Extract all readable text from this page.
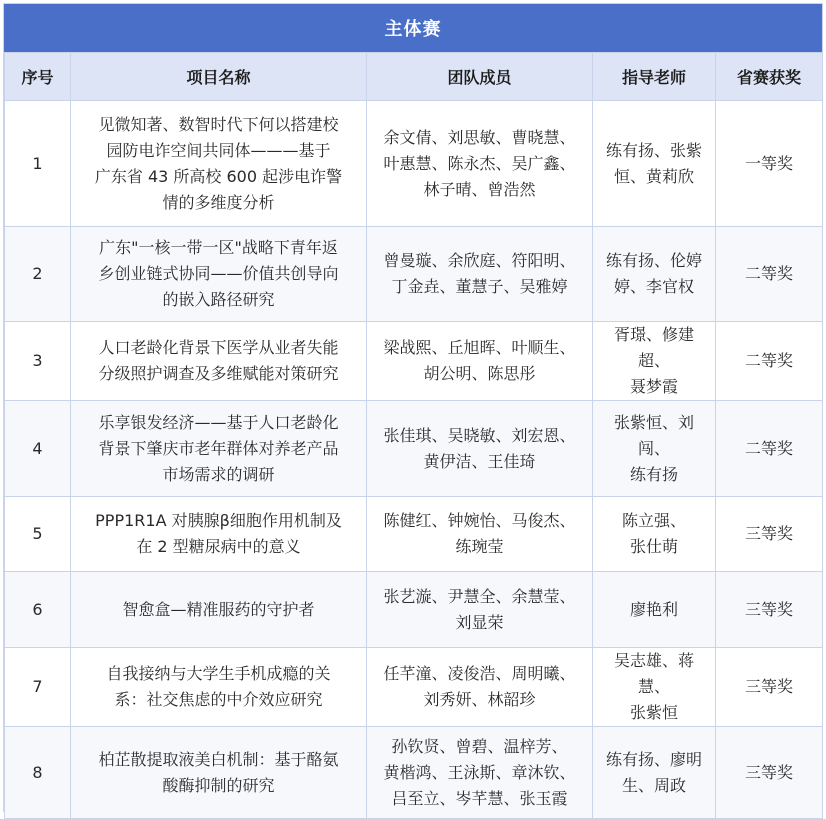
主体赛
序号	项目名称	团队成员	指导老师	省赛获奖
1	见微知著、数智时代下何以搭建校
园防电诈空间共同体———基于
广东省 43 所高校 600 起涉电诈警
情的多维度分析	余文倩、刘思敏、曹晓慧、
叶惠慧、陈永杰、吴广鑫、
林子晴、曾浩然	练有扬、张紫
恒、黄莉欣	一等奖
2	广东"一核一带一区"战略下青年返
乡创业链式协同——价值共创导向
的嵌入路径研究	曾曼璇、余欣庭、符阳明、
丁金垚、董慧子、吴雅婷	练有扬、伦婷
婷、李官权	二等奖
3	人口老龄化背景下医学从业者失能
分级照护调查及多维赋能对策研究	梁战熙、丘旭晖、叶顺生、
胡公明、陈思彤	胥璟、修建超、
聂梦霞	二等奖
4	乐享银发经济——基于人口老龄化
背景下肇庆市老年群体对养老产品
市场需求的调研	张佳琪、吴晓敏、刘宏恩、
黄伊洁、王佳琦	张紫恒、刘闯、
练有扬	二等奖
5	PPP1R1A 对胰腺β细胞作用机制及
在 2 型糖尿病中的意义	陈健红、钟婉怡、马俊杰、
练琬莹	陈立强、
张仕萌	三等奖
6	智愈盒—精准服药的守护者	张艺漩、尹慧全、余慧莹、
刘显荣	廖艳利	三等奖
7	自我接纳与大学生手机成瘾的关
系：社交焦虑的中介效应研究	任芊潼、凌俊浩、周明曦、
刘秀妍、林韶珍	吴志雄、蒋慧、
张紫恒	三等奖
8	柏芷散提取液美白机制：基于酪氨
酸酶抑制的研究	孙钦贤、曾碧、温梓芳、
黄楷鸿、王泳斯、章沐钦、
吕至立、岑芊慧、张玉霞	练有扬、廖明
生、周政	三等奖
